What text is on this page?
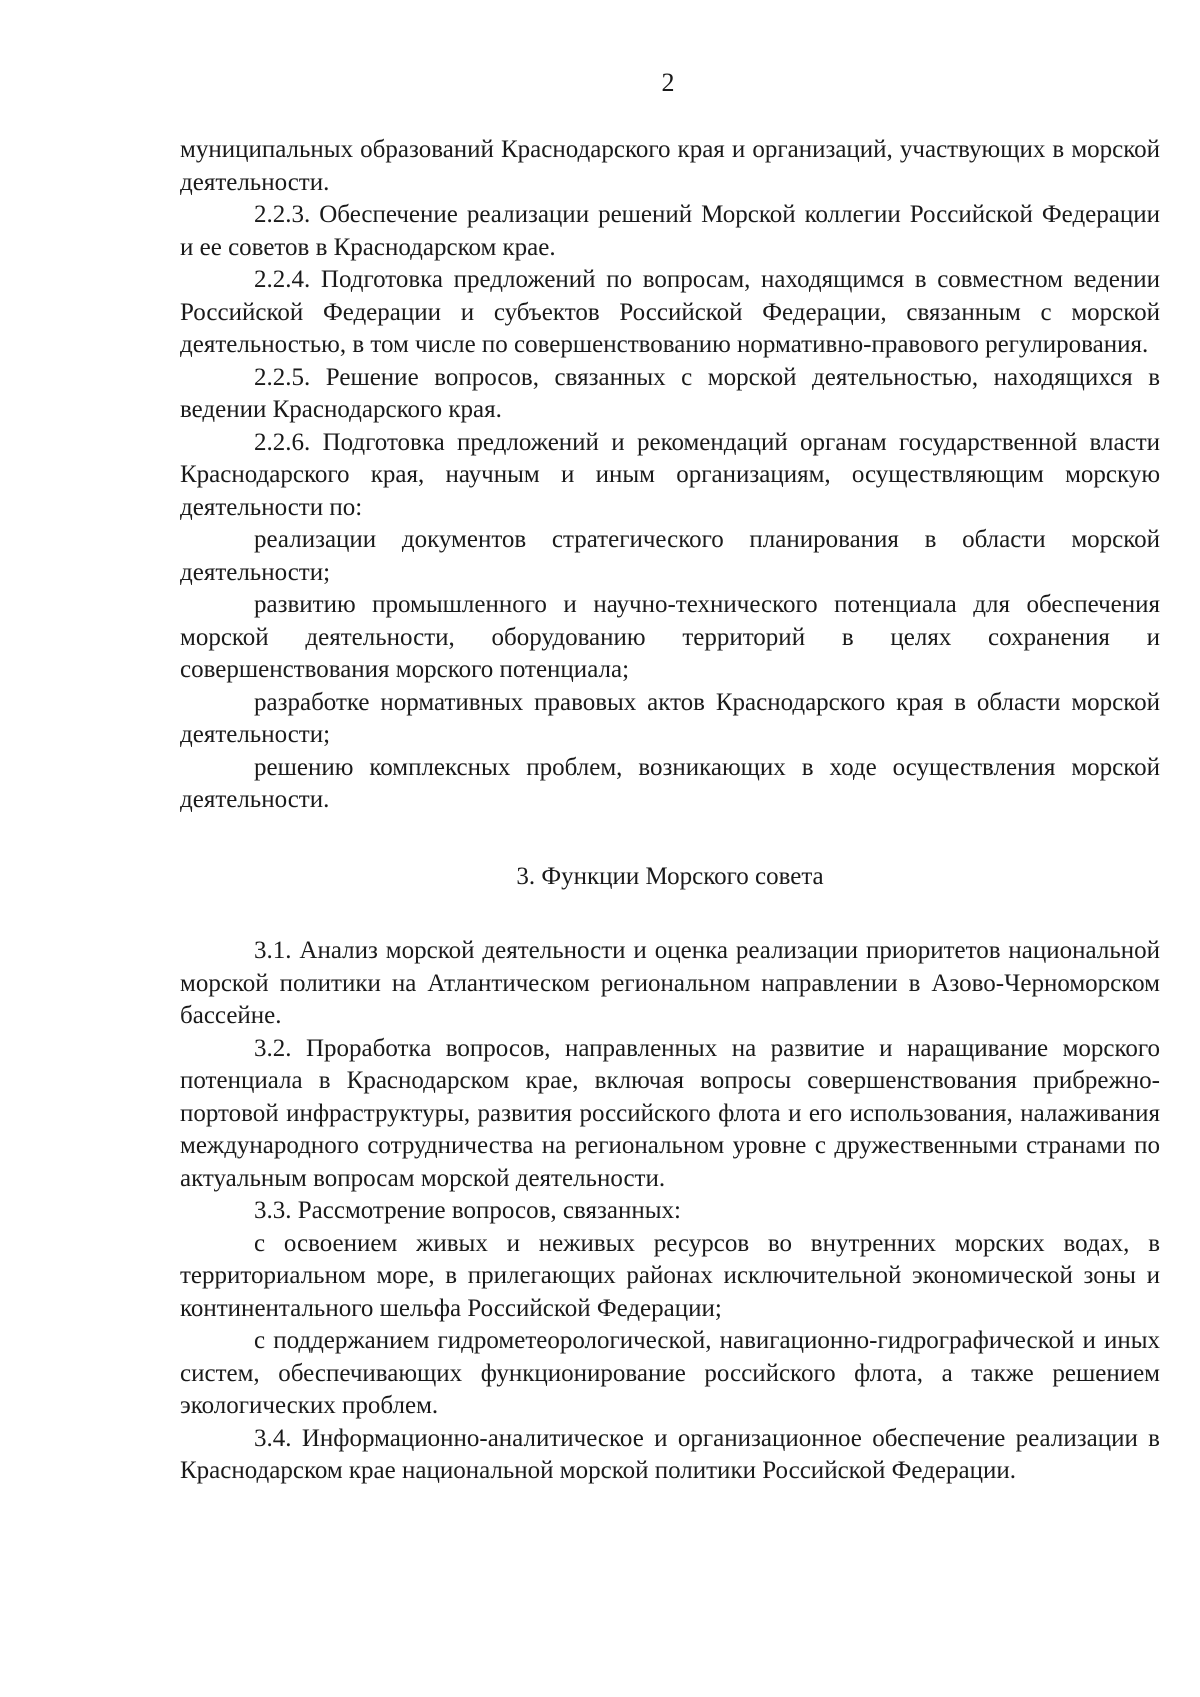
2

муниципальных образований Краснодарского края и организаций, участвующих в морской деятельности.

2.2.3. Обеспечение реализации решений Морской коллегии Российской Федерации и ее советов в Краснодарском крае.

2.2.4. Подготовка предложений по вопросам, находящимся в совместном ведении Российской Федерации и субъектов Российской Федерации, связанным с морской деятельностью, в том числе по совершенствованию нормативно-правового регулирования.

2.2.5. Решение вопросов, связанных с морской деятельностью, находящихся в ведении Краснодарского края.

2.2.6. Подготовка предложений и рекомендаций органам государственной власти Краснодарского края, научным и иным организациям, осуществляющим морскую деятельности по:

реализации документов стратегического планирования в области морской деятельности;

развитию промышленного и научно-технического потенциала для обеспечения морской деятельности, оборудованию территорий в целях сохранения и совершенствования морского потенциала;

разработке нормативных правовых актов Краснодарского края в области морской деятельности;

решению комплексных проблем, возникающих в ходе осуществления морской деятельности.

3. Функции Морского совета

3.1. Анализ морской деятельности и оценка реализации приоритетов национальной морской политики на Атлантическом региональном направлении в Азово-Черноморском бассейне.

3.2. Проработка вопросов, направленных на развитие и наращивание морского потенциала в Краснодарском крае, включая вопросы совершенствования прибрежно-портовой инфраструктуры, развития российского флота и его использования, налаживания международного сотрудничества на региональном уровне с дружественными странами по актуальным вопросам морской деятельности.

3.3. Рассмотрение вопросов, связанных:

с освоением живых и неживых ресурсов во внутренних морских водах, в территориальном море, в прилегающих районах исключительной экономической зоны и континентального шельфа Российской Федерации;

с поддержанием гидрометеорологической, навигационно-гидрографической и иных систем, обеспечивающих функционирование российского флота, а также решением экологических проблем.

3.4. Информационно-аналитическое и организационное обеспечение реализации в Краснодарском крае национальной морской политики Российской Федерации.
